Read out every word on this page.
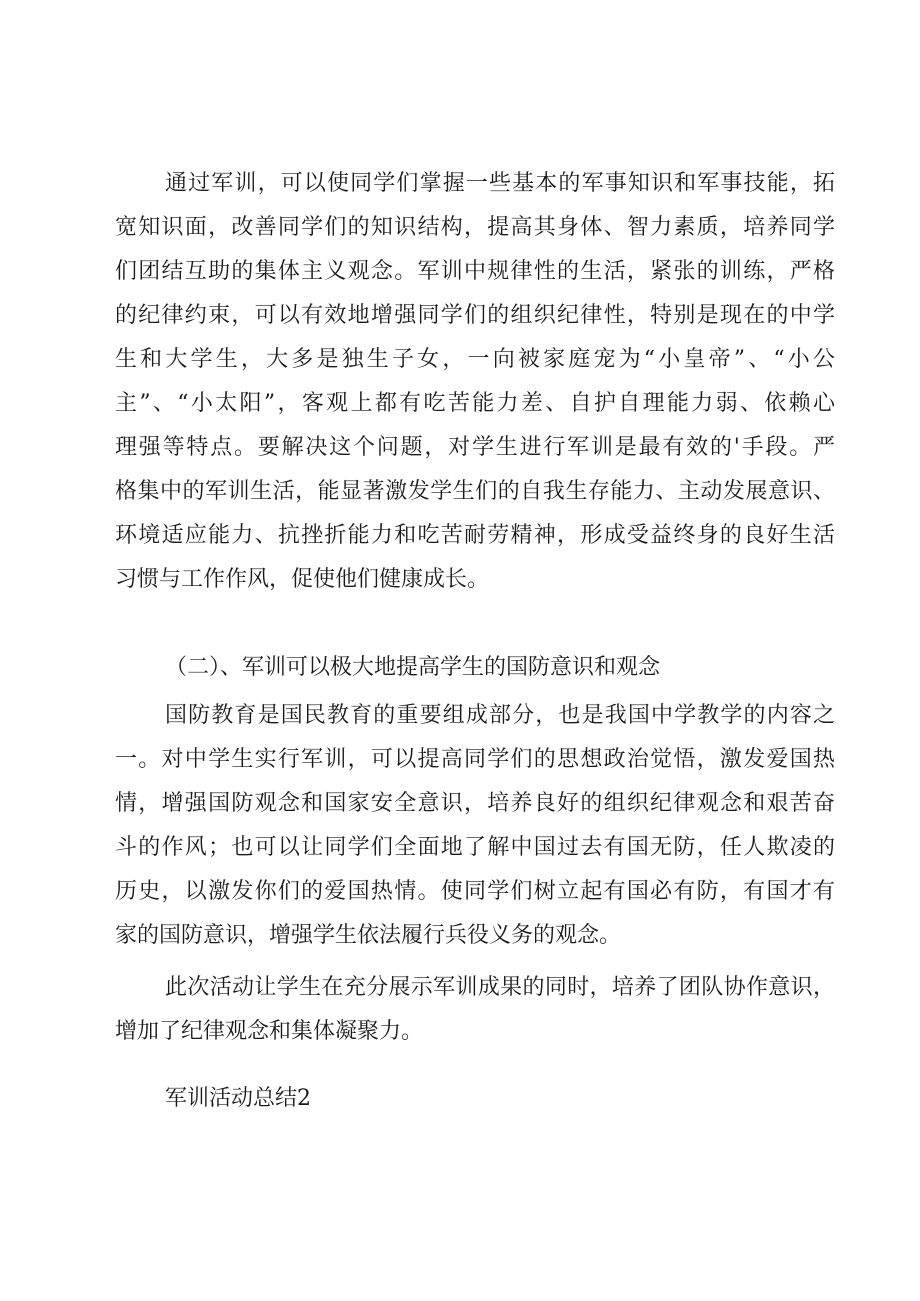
通过军训，可以使同学们掌握一些基本的军事知识和军事技能，拓
宽知识面，改善同学们的知识结构，提高其身体、智力素质，培养同学
们团结互助的集体主义观念。军训中规律性的生活，紧张的训练，严格
的纪律约束，可以有效地增强同学们的组织纪律性，特别是现在的中学
生和大学生，大多是独生子女，一向被家庭宠为“小皇帝”、“小公
主”、“小太阳”，客观上都有吃苦能力差、自护自理能力弱、依赖心
理强等特点。要解决这个问题，对学生进行军训是最有效的'手段。严
格集中的军训生活，能显著激发学生们的自我生存能力、主动发展意识、
环境适应能力、抗挫折能力和吃苦耐劳精神，形成受益终身的良好生活
习惯与工作作风，促使他们健康成长。
（二）、军训可以极大地提高学生的国防意识和观念
国防教育是国民教育的重要组成部分，也是我国中学教学的内容之
一。对中学生实行军训，可以提高同学们的思想政治觉悟，激发爱国热
情，增强国防观念和国家安全意识，培养良好的组织纪律观念和艰苦奋
斗的作风；也可以让同学们全面地了解中国过去有国无防，任人欺凌的
历史，以激发你们的爱国热情。使同学们树立起有国必有防，有国才有
家的国防意识，增强学生依法履行兵役义务的观念。
此次活动让学生在充分展示军训成果的同时，培养了团队协作意识，
增加了纪律观念和集体凝聚力。
军训活动总结2
